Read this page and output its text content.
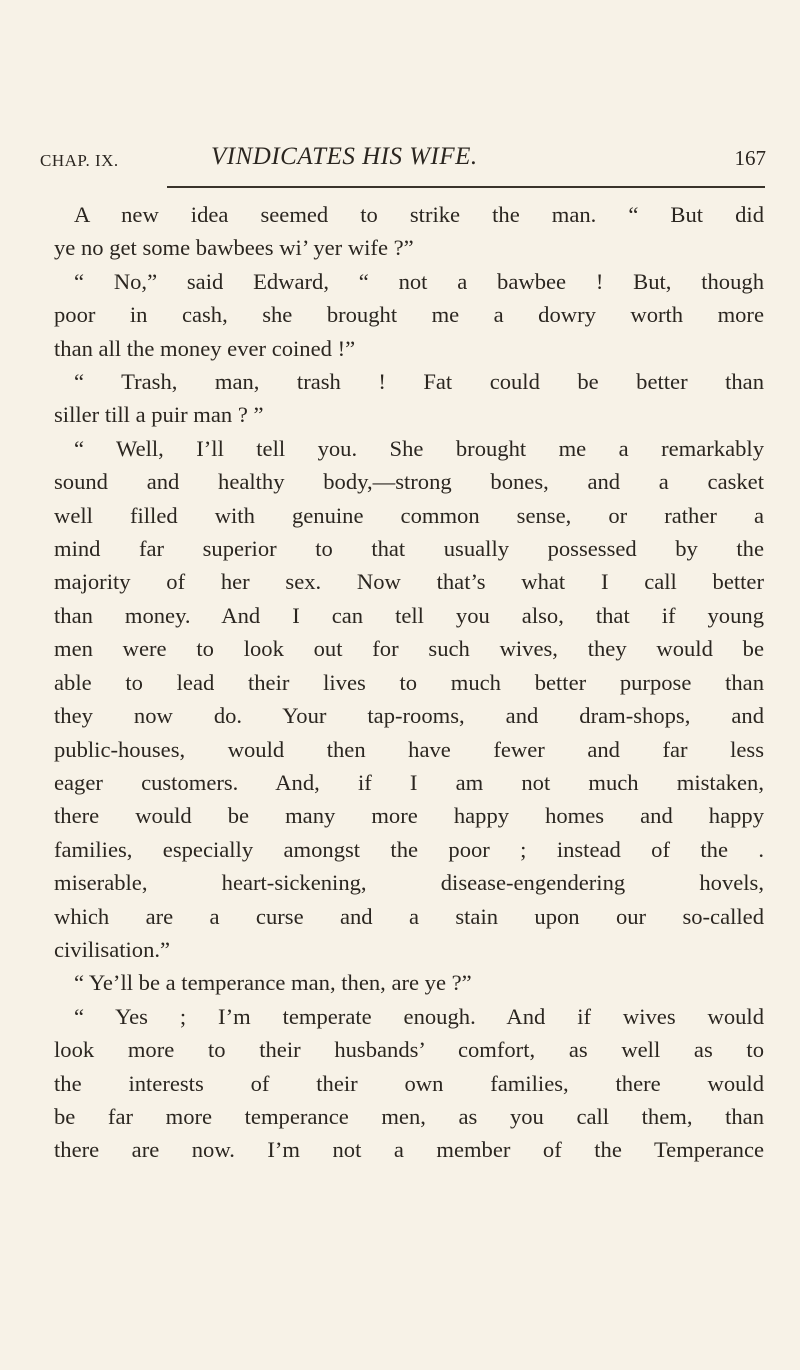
CHAP. IX.	VINDICATES HIS WIFE.	167
A new idea seemed to strike the man. “ But did
ye no get some bawbees wi’ yer wife ?”
“ No,” said Edward, “ not a bawbee ! But, though
poor in cash, she brought me a dowry worth more
than all the money ever coined !”
“ Trash, man, trash ! Fat could be better than
siller till a puir man ? ”
“ Well, I’ll tell you. She brought me a remarkably
sound and healthy body,—strong bones, and a casket
well filled with genuine common sense, or rather a
mind far superior to that usually possessed by the
majority of her sex. Now that’s what I call better
than money. And I can tell you also, that if young
men were to look out for such wives, they would be
able to lead their lives to much better purpose than
they now do. Your tap-rooms, and dram-shops, and
public-houses, would then have fewer and far less
eager customers. And, if I am not much mistaken,
there would be many more happy homes and happy
families, especially amongst the poor ; instead of the .
miserable, heart-sickening, disease-engendering hovels,
which are a curse and a stain upon our so-called
civilisation.”
“ Ye’ll be a temperance man, then, are ye ?”
“ Yes ; I’m temperate enough. And if wives would
look more to their husbands’ comfort, as well as to
the interests of their own families, there would
be far more temperance men, as you call them, than
there are now. I’m not a member of the Temperance
